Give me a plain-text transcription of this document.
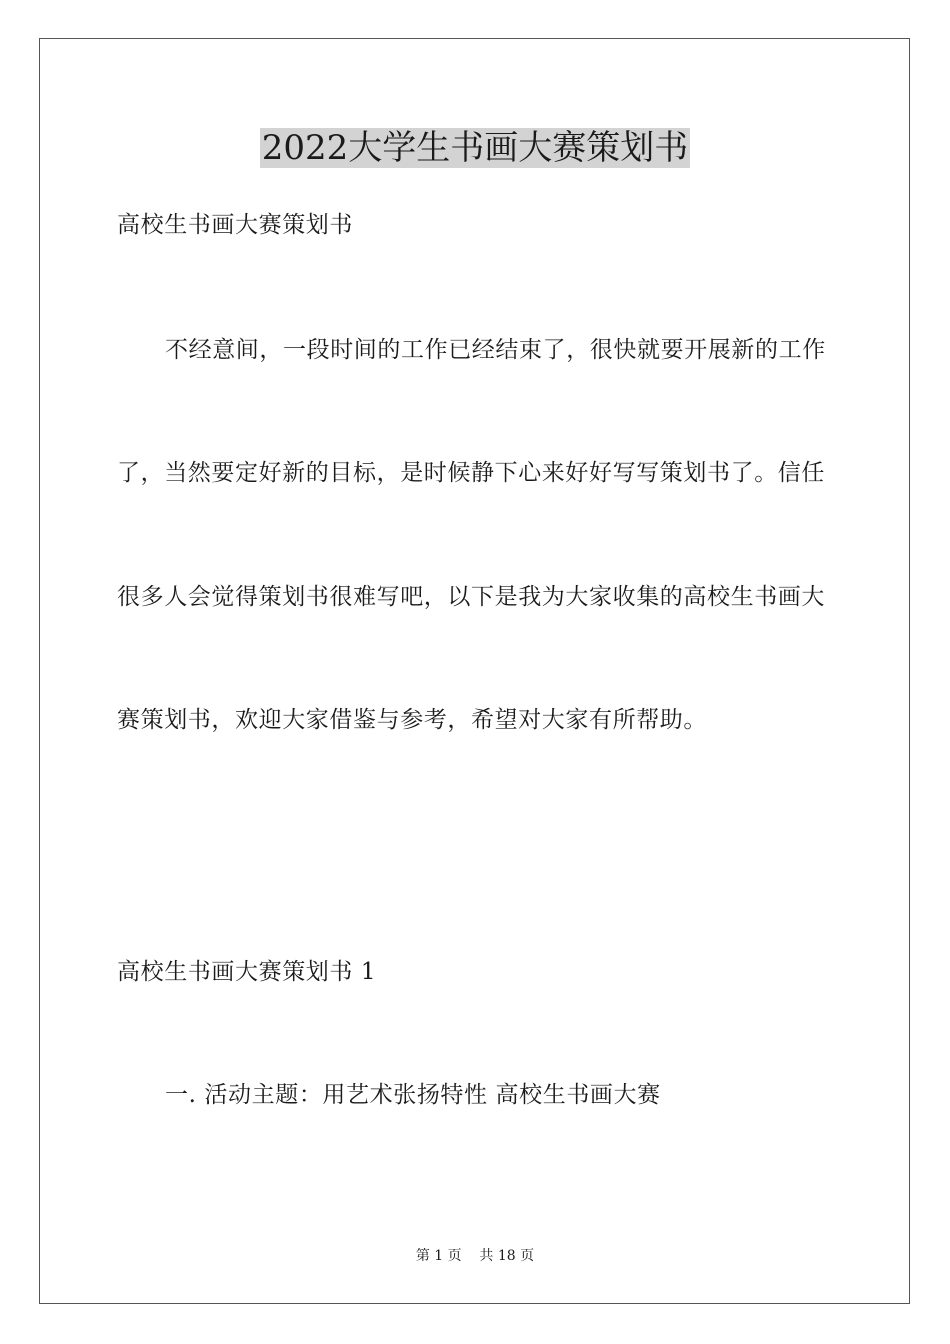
2022大学生书画大赛策划书

高校生书画大赛策划书

不经意间，一段时间的工作已经结束了，很快就要开展新的工作

了，当然要定好新的目标，是时候静下心来好好写写策划书了。信任

很多人会觉得策划书很难写吧，以下是我为大家收集的高校生书画大

赛策划书，欢迎大家借鉴与参考，希望对大家有所帮助。

高校生书画大赛策划书 1

一. 活动主题：用艺术张扬特性 高校生书画大赛

第 1 页    共 18 页
